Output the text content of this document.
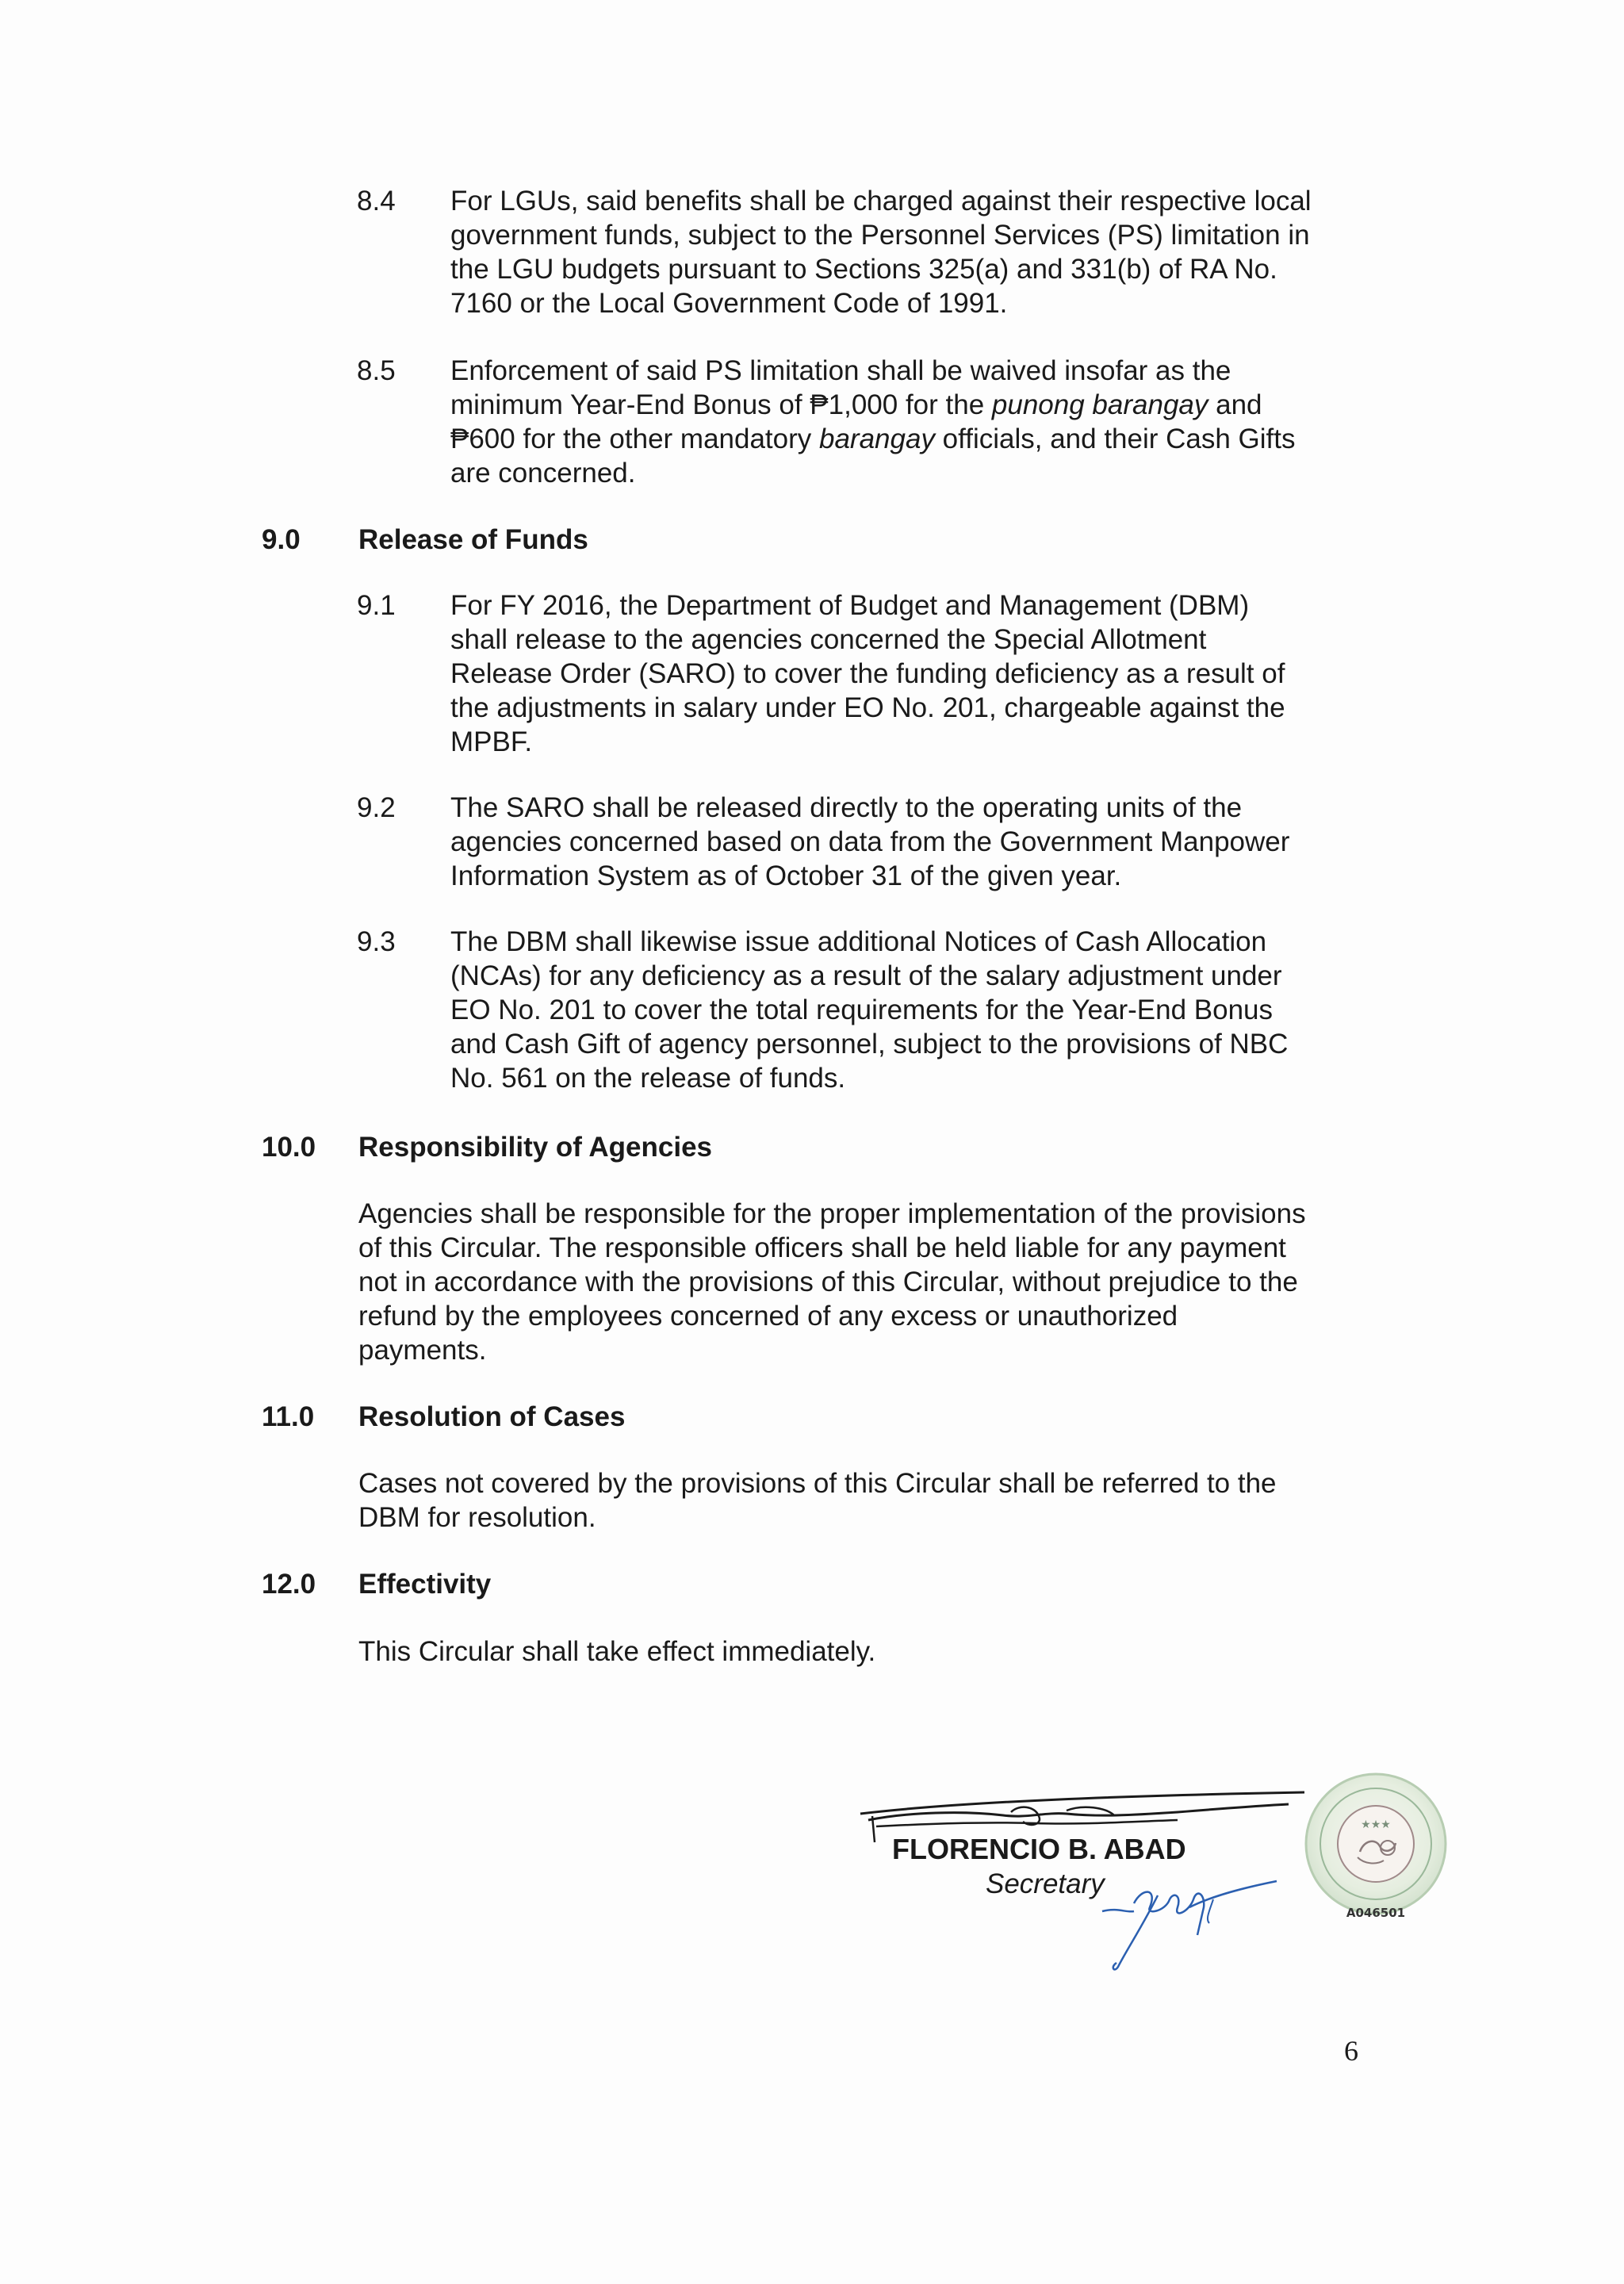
8.4 For LGUs, said benefits shall be charged against their respective local
government funds, subject to the Personnel Services (PS) limitation in
the LGU budgets pursuant to Sections 325(a) and 331(b) of RA No.
7160 or the Local Government Code of 1991.
8.5 Enforcement of said PS limitation shall be waived insofar as the
minimum Year-End Bonus of ₱1,000 for the punong barangay and
₱600 for the other mandatory barangay officials, and their Cash Gifts
are concerned.
9.0 Release of Funds
9.1 For FY 2016, the Department of Budget and Management (DBM)
shall release to the agencies concerned the Special Allotment
Release Order (SARO) to cover the funding deficiency as a result of
the adjustments in salary under EO No. 201, chargeable against the
MPBF.
9.2 The SARO shall be released directly to the operating units of the
agencies concerned based on data from the Government Manpower
Information System as of October 31 of the given year.
9.3 The DBM shall likewise issue additional Notices of Cash Allocation
(NCAs) for any deficiency as a result of the salary adjustment under
EO No. 201 to cover the total requirements for the Year-End Bonus
and Cash Gift of agency personnel, subject to the provisions of NBC
No. 561 on the release of funds.
10.0 Responsibility of Agencies
Agencies shall be responsible for the proper implementation of the provisions
of this Circular. The responsible officers shall be held liable for any payment
not in accordance with the provisions of this Circular, without prejudice to the
refund by the employees concerned of any excess or unauthorized
payments.
11.0 Resolution of Cases
Cases not covered by the provisions of this Circular shall be referred to the
DBM for resolution.
12.0 Effectivity
This Circular shall take effect immediately.
FLORENCIO B. ABAD
Secretary
★★★
A046501
6
